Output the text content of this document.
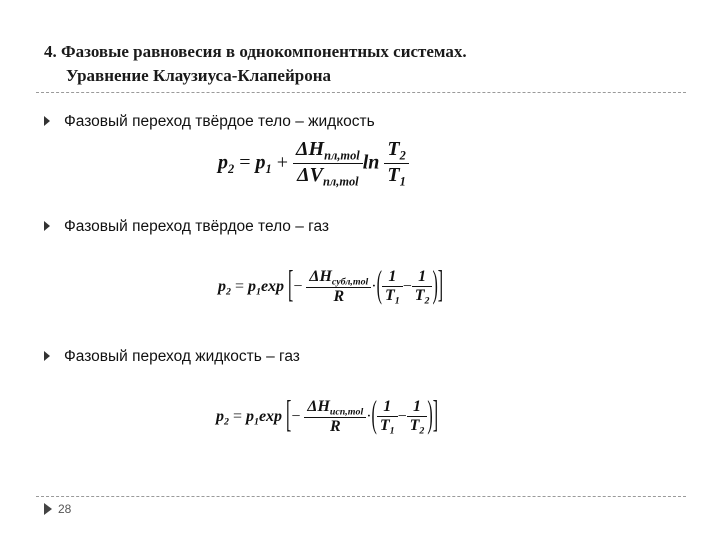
4. Фазовые равновесия в однокомпонентных системах.
Уравнение Клаузиуса-Клапейрона
Фазовый переход твёрдое тело – жидкость
$p_2 = p_1 + \frac{\Delta H_{пл,mol}}{\Delta V_{пл,mol}}$ $\ln \frac{T_2}{T_1}$
Фазовый переход твёрдое тело – газ
$p_2 = p_1\exp$ [− $\frac{\Delta H_{субл,mol}}{R}$ ·( $\frac{1}{T_1} - \frac{1}{T_2}$ )]
Фазовый переход жидкость – газ
$p_2 = p_1\exp$ [− $\frac{\Delta H_{исп,mol}}{R}$ ·( $\frac{1}{T_1} - \frac{1}{T_2}$ )]
28
